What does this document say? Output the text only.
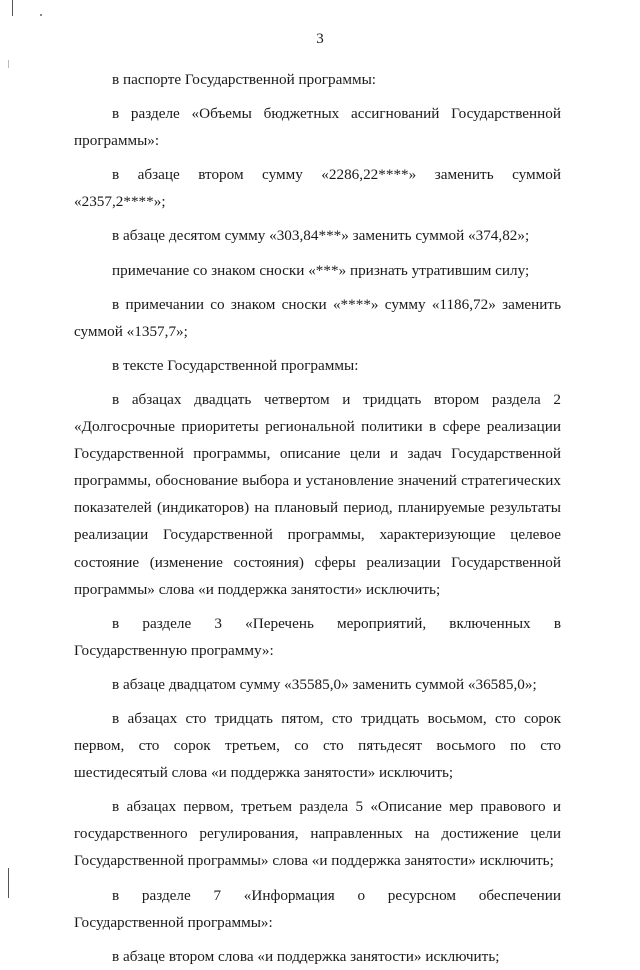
3

в паспорте Государственной программы:

в разделе «Объемы бюджетных ассигнований Государственной программы»:

в абзаце втором сумму «2286,22****» заменить суммой «2357,2****»;

в абзаце десятом сумму «303,84***» заменить суммой «374,82»;

примечание со знаком сноски «***» признать утратившим силу;

в примечании со знаком сноски «****» сумму «1186,72» заменить суммой «1357,7»;

в тексте Государственной программы:

в абзацах двадцать четвертом и тридцать втором раздела 2 «Долгосрочные приоритеты региональной политики в сфере реализации Государственной программы, описание цели и задач Государственной программы, обоснование выбора и установление значений стратегических показателей (индикаторов) на плановый период, планируемые результаты реализации Государственной программы, характеризующие целевое состояние (изменение состояния) сферы реализации Государственной программы» слова «и поддержка занятости» исключить;

в разделе 3 «Перечень мероприятий, включенных в Государственную программу»:

в абзаце двадцатом сумму «35585,0» заменить суммой «36585,0»;

в абзацах сто тридцать пятом, сто тридцать восьмом, сто сорок первом, сто сорок третьем, со сто пятьдесят восьмого по сто шестидесятый слова «и поддержка занятости» исключить;

в абзацах первом, третьем раздела 5 «Описание мер правового и государственного регулирования, направленных на достижение цели Государственной программы» слова «и поддержка занятости» исключить;

в разделе 7 «Информация о ресурсном обеспечении Государственной программы»:

в абзаце втором слова «и поддержка занятости» исключить;
